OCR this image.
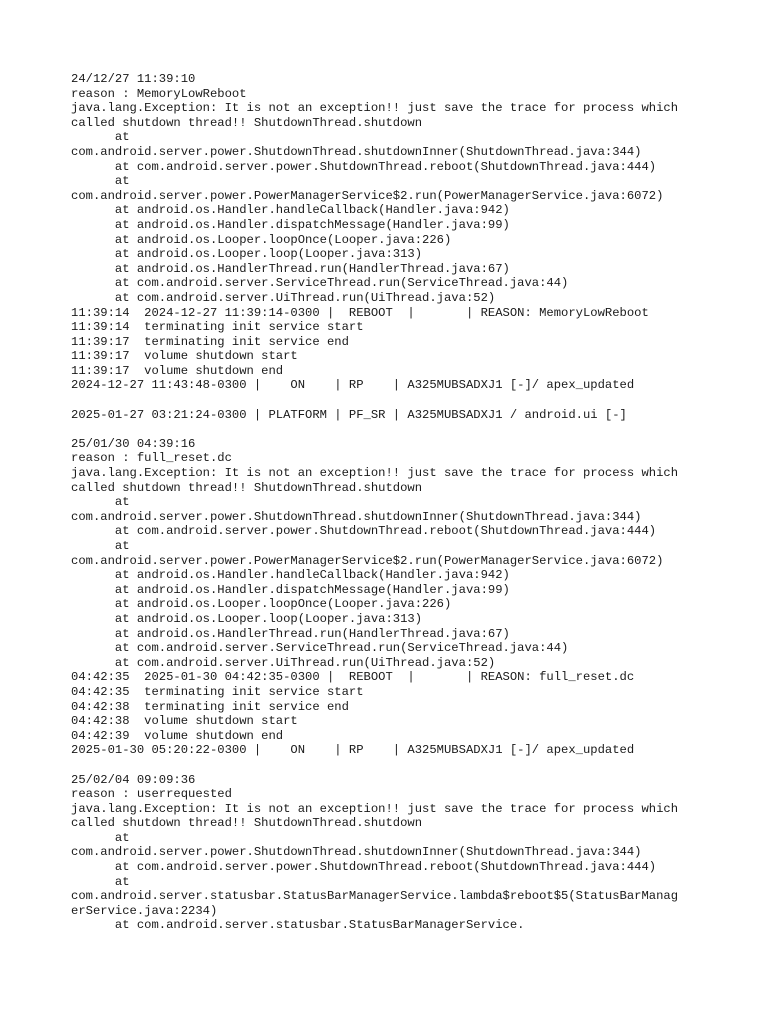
24/12/27 11:39:10
reason : MemoryLowReboot
java.lang.Exception: It is not an exception!! just save the trace for process which
called shutdown thread!! ShutdownThread.shutdown
at
com.android.server.power.ShutdownThread.shutdownInner(ShutdownThread.java:344)
at com.android.server.power.ShutdownThread.reboot(ShutdownThread.java:444)
at
com.android.server.power.PowerManagerService$2.run(PowerManagerService.java:6072)
at android.os.Handler.handleCallback(Handler.java:942)
at android.os.Handler.dispatchMessage(Handler.java:99)
at android.os.Looper.loopOnce(Looper.java:226)
at android.os.Looper.loop(Looper.java:313)
at android.os.HandlerThread.run(HandlerThread.java:67)
at com.android.server.ServiceThread.run(ServiceThread.java:44)
at com.android.server.UiThread.run(UiThread.java:52)
11:39:14  2024-12-27 11:39:14-0300 |  REBOOT  |       | REASON: MemoryLowReboot
11:39:14  terminating init service start
11:39:17  terminating init service end
11:39:17  volume shutdown start
11:39:17  volume shutdown end
2024-12-27 11:43:48-0300 |    ON    | RP    | A325MUBSADXJ1 [-]/ apex_updated
2025-01-27 03:21:24-0300 | PLATFORM | PF_SR | A325MUBSADXJ1 / android.ui [-]
25/01/30 04:39:16
reason : full_reset.dc
java.lang.Exception: It is not an exception!! just save the trace for process which
called shutdown thread!! ShutdownThread.shutdown
at
com.android.server.power.ShutdownThread.shutdownInner(ShutdownThread.java:344)
at com.android.server.power.ShutdownThread.reboot(ShutdownThread.java:444)
at
com.android.server.power.PowerManagerService$2.run(PowerManagerService.java:6072)
at android.os.Handler.handleCallback(Handler.java:942)
at android.os.Handler.dispatchMessage(Handler.java:99)
at android.os.Looper.loopOnce(Looper.java:226)
at android.os.Looper.loop(Looper.java:313)
at android.os.HandlerThread.run(HandlerThread.java:67)
at com.android.server.ServiceThread.run(ServiceThread.java:44)
at com.android.server.UiThread.run(UiThread.java:52)
04:42:35  2025-01-30 04:42:35-0300 |  REBOOT  |       | REASON: full_reset.dc
04:42:35  terminating init service start
04:42:38  terminating init service end
04:42:38  volume shutdown start
04:42:39  volume shutdown end
2025-01-30 05:20:22-0300 |    ON    | RP    | A325MUBSADXJ1 [-]/ apex_updated
25/02/04 09:09:36
reason : userrequested
java.lang.Exception: It is not an exception!! just save the trace for process which
called shutdown thread!! ShutdownThread.shutdown
at
com.android.server.power.ShutdownThread.shutdownInner(ShutdownThread.java:344)
at com.android.server.power.ShutdownThread.reboot(ShutdownThread.java:444)
at
com.android.server.statusbar.StatusBarManagerService.lambda$reboot$5(StatusBarManag
erService.java:2234)
at com.android.server.statusbar.StatusBarManagerService.
